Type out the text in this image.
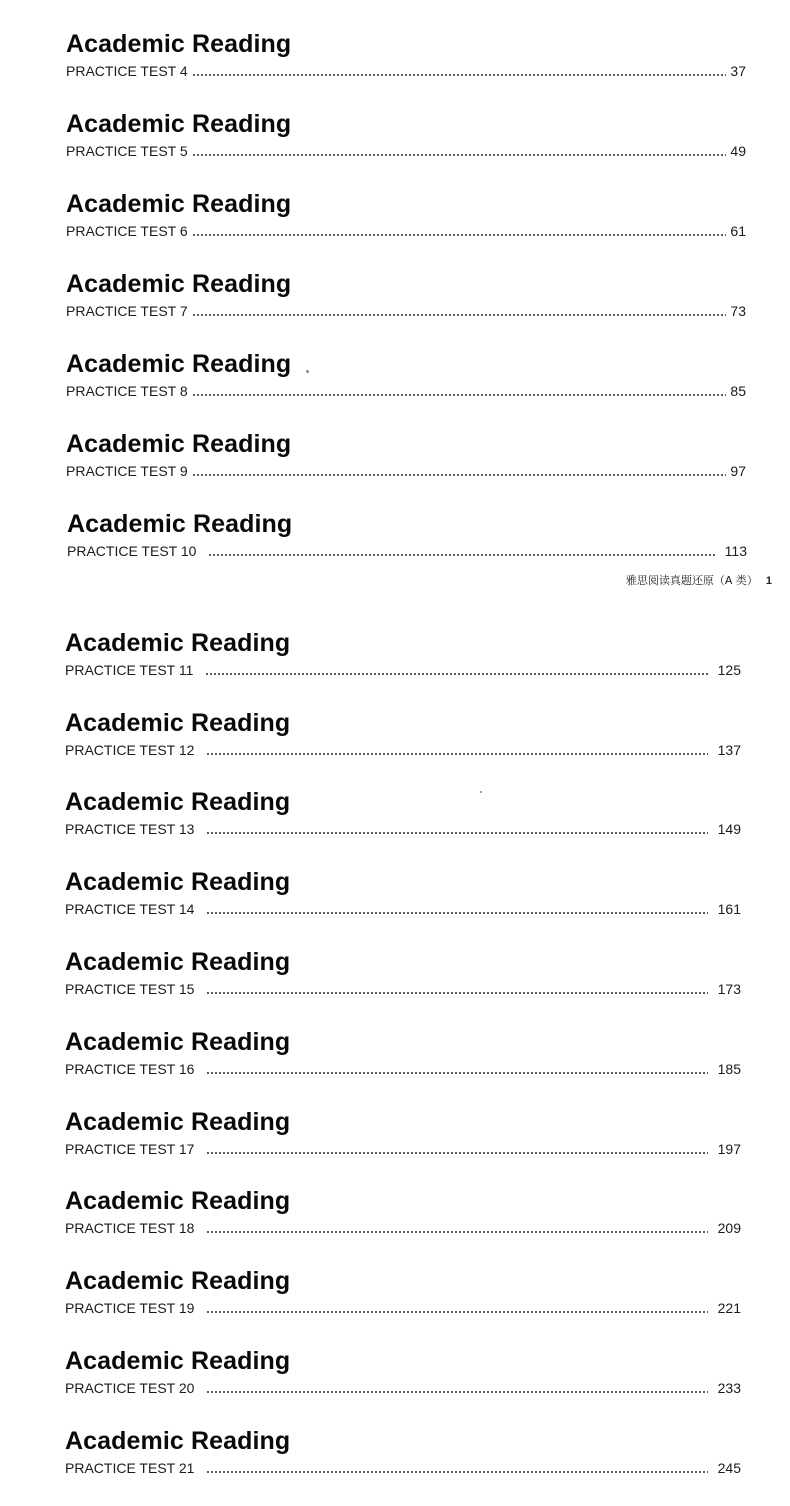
Academic Reading
PRACTICE TEST 4	37
Academic Reading
PRACTICE TEST 5	49
Academic Reading
PRACTICE TEST 6	61
Academic Reading
PRACTICE TEST 7	73
Academic Reading
PRACTICE TEST 8	85
Academic Reading
PRACTICE TEST 9	97
Academic Reading
PRACTICE TEST 10	113
雅思阅读真题还原（A 类） 1
Academic Reading
PRACTICE TEST 11	125
Academic Reading
PRACTICE TEST 12	137
Academic Reading
PRACTICE TEST 13	149
Academic Reading
PRACTICE TEST 14	161
Academic Reading
PRACTICE TEST 15	173
Academic Reading
PRACTICE TEST 16	185
Academic Reading
PRACTICE TEST 17	197
Academic Reading
PRACTICE TEST 18	209
Academic Reading
PRACTICE TEST 19	221
Academic Reading
PRACTICE TEST 20	233
Academic Reading
PRACTICE TEST 21	245
